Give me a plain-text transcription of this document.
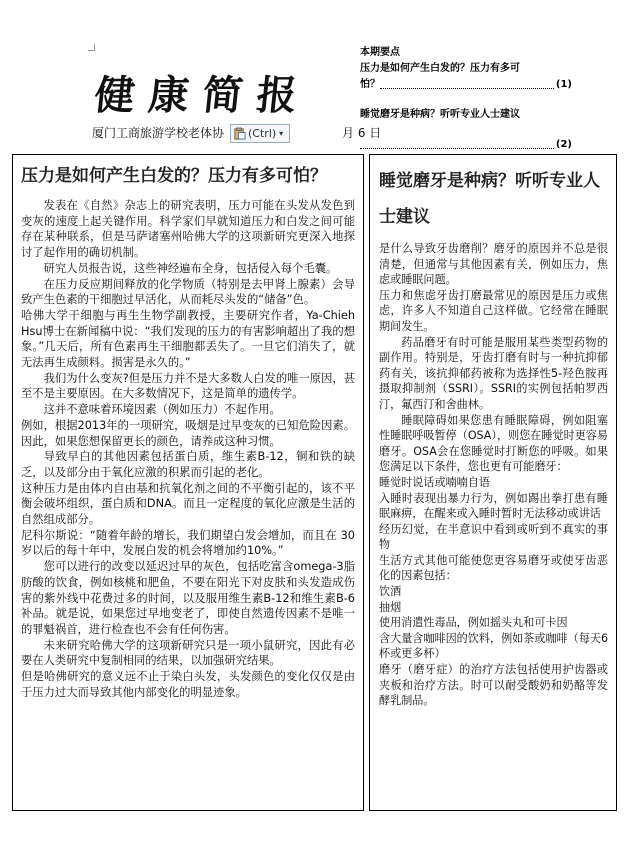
健康简报
厦门工商旅游学校老体协	月 6 日
(Ctrl) ▾
本期要点
压力是如何产生白发的？压力有多可
怕？	(1)
睡觉磨牙是种病？听听专业人士建议
(2)
压力是如何产生白发的？压力有多可怕？

发表在《自然》杂志上的研究表明，压力可能在头发从发色到变灰的速度上起关键作用。科学家们早就知道压力和白发之间可能存在某种联系，但是马萨诸塞州哈佛大学的这项新研究更深入地探讨了起作用的确切机制。

研究人员报告说，这些神经遍布全身，包括侵入每个毛囊。

在压力反应期间释放的化学物质（特别是去甲肾上腺素）会导致产生色素的干细胞过早活化，从而耗尽头发的“储备”色。

哈佛大学干细胞与再生生物学副教授，主要研究作者，Ya-Chieh Hsu博士在新闻稿中说：“我们发现的压力的有害影响超出了我的想象。”几天后，所有色素再生干细胞都丢失了。一旦它们消失了，就无法再生成颜料。损害是永久的。”

我们为什么变灰?但是压力并不是大多数人白发的唯一原因，甚至不是主要原因。在大多数情况下，这是简单的遗传学。

这并不意味着环境因素（例如压力）不起作用。

例如，根据2013年的一项研究，吸烟是过早变灰的已知危险因素。因此，如果您想保留更长的颜色，请养成这种习惯。

导致早白的其他因素包括蛋白质，维生素B-12，铜和铁的缺乏，以及部分由于氧化应激的积累而引起的老化。

这种压力是由体内自由基和抗氧化剂之间的不平衡引起的，该不平衡会破坏组织，蛋白质和DNA。而且一定程度的氧化应激是生活的自然组成部分。

尼科尔斯说：“随着年龄的增长，我们期望白发会增加，而且在 30 岁以后的每十年中，发展白发的机会将增加约10%。”

您可以进行的改变以延迟过早的灰色，包括吃富含omega-3脂肪酸的饮食，例如核桃和肥鱼，不要在阳光下对皮肤和头发造成伤害的紫外线中花费过多的时间，以及服用维生素B-12和维生素B-6补品。就是说，如果您过早地变老了，即使自然遗传因素不是唯一的罪魁祸首，进行检查也不会有任何伤害。

未来研究哈佛大学的这项新研究只是一项小鼠研究，因此有必要在人类研究中复制相同的结果，以加强研究结果。

但是哈佛研究的意义远不止于染白头发，头发颜色的变化仅仅是由于压力过大而导致其他内部变化的明显迹象。

睡觉磨牙是种病？听听专业人士建议

是什么导致牙齿磨削？磨牙的原因并不总是很清楚，但通常与其他因素有关，例如压力，焦虑或睡眠问题。

压力和焦虑牙齿打磨最常见的原因是压力或焦虑，许多人不知道自己这样做。它经常在睡眠期间发生。

药品磨牙有时可能是服用某些类型药物的副作用。特别是，牙齿打磨有时与一种抗抑郁药有关，该抗抑郁药被称为选择性5-羟色胺再摄取抑制剂（SSRI）。SSRI的实例包括帕罗西汀，氟西汀和舍曲林。

睡眠障碍如果您患有睡眠障碍，例如阻塞性睡眠呼吸暂停（OSA），则您在睡觉时更容易磨牙。OSA会在您睡觉时打断您的呼吸。如果您满足以下条件，您也更有可能磨牙：

睡觉时说话或喃喃自语

入睡时表现出暴力行为，例如踢出拳打患有睡眠麻痹，在醒来或入睡时暂时无法移动或讲话

经历幻觉，在半意识中看到或听到不真实的事物

生活方式其他可能使您更容易磨牙或使牙齿恶化的因素包括：

饮酒

抽烟

使用消遣性毒品，例如摇头丸和可卡因

含大量含咖啡因的饮料，例如茶或咖啡（每天6杯或更多杯）

磨牙（磨牙症）的治疗方法包括使用护齿器或夹板和治疗方法。时可以耐受酸奶和奶酪等发酵乳制品。
